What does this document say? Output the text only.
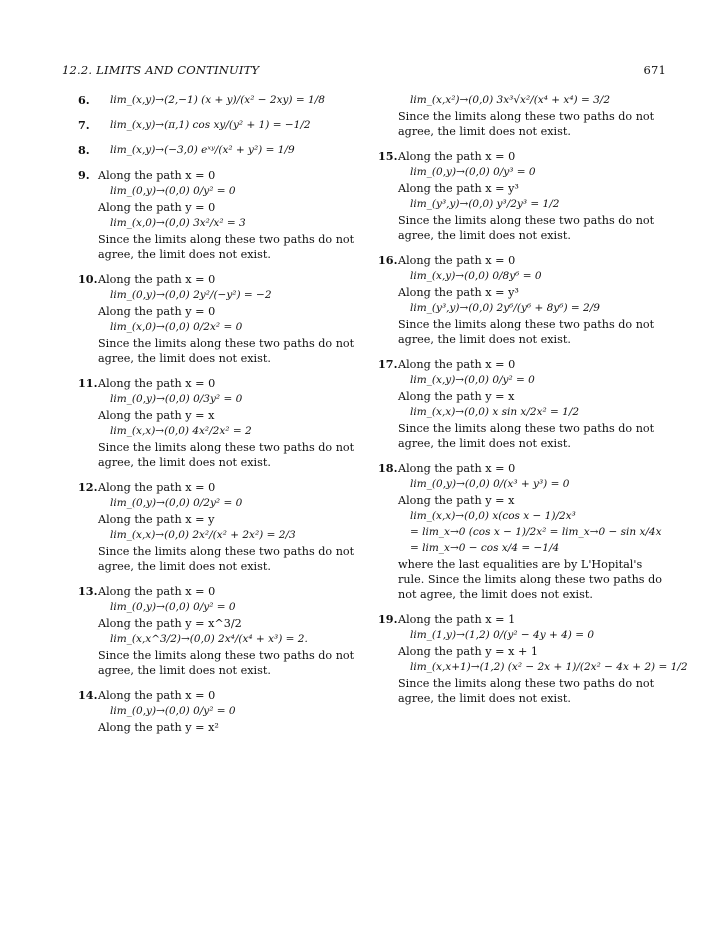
12.2. LIMITS AND CONTINUITY	671
6.	lim_(x,y)→(2,−1) (x + y)/(x² − 2xy) = 1/8
7.	lim_(x,y)→(π,1) cos xy/(y² + 1) = −1/2
8.	lim_(x,y)→(−3,0) eˣʸ/(x² + y²) = 1/9
9. Along the path x = 0
lim_(0,y)→(0,0) 0/y² = 0
Along the path y = 0
lim_(x,0)→(0,0) 3x²/x² = 3
Since the limits along these two paths do not agree, the limit does not exist.
10. Along the path x = 0
lim_(0,y)→(0,0) 2y²/(−y²) = −2
Along the path y = 0
lim_(x,0)→(0,0) 0/2x² = 0
Since the limits along these two paths do not agree, the limit does not exist.
11. Along the path x = 0
lim_(0,y)→(0,0) 0/3y² = 0
Along the path y = x
lim_(x,x)→(0,0) 4x²/2x² = 2
Since the limits along these two paths do not agree, the limit does not exist.
12. Along the path x = 0
lim_(0,y)→(0,0) 0/2y² = 0
Along the path x = y
lim_(x,x)→(0,0) 2x²/(x² + 2x²) = 2/3
Since the limits along these two paths do not agree, the limit does not exist.
13. Along the path x = 0
lim_(0,y)→(0,0) 0/y² = 0
Along the path y = x^3/2
lim_(x,x^3/2)→(0,0) 2x⁴/(x⁴ + x³) = 2.
Since the limits along these two paths do not agree, the limit does not exist.
14. Along the path x = 0
lim_(0,y)→(0,0) 0/y² = 0
Along the path y = x²
lim_(x,x²)→(0,0) 3x³√x²/(x⁴ + x⁴) = 3/2
Since the limits along these two paths do not agree, the limit does not exist.
15. Along the path x = 0
lim_(0,y)→(0,0) 0/y³ = 0
Along the path x = y³
lim_(y³,y)→(0,0) y³/2y³ = 1/2
Since the limits along these two paths do not agree, the limit does not exist.
16. Along the path x = 0
lim_(x,y)→(0,0) 0/8y⁶ = 0
Along the path x = y³
lim_(y³,y)→(0,0) 2y⁶/(y⁶ + 8y⁶) = 2/9
Since the limits along these two paths do not agree, the limit does not exist.
17. Along the path x = 0
lim_(x,y)→(0,0) 0/y² = 0
Along the path y = x
lim_(x,x)→(0,0) x sin x/2x² = 1/2
Since the limits along these two paths do not agree, the limit does not exist.
18. Along the path x = 0
lim_(0,y)→(0,0) 0/(x³ + y³) = 0
Along the path y = x
lim_(x,x)→(0,0) x(cos x − 1)/2x³
= lim_x→0 (cos x − 1)/2x² = lim_x→0 − sin x/4x
= lim_x→0 − cos x/4 = −1/4
where the last equalities are by L'Hopital's rule. Since the limits along these two paths do not agree, the limit does not exist.
19. Along the path x = 1
lim_(1,y)→(1,2) 0/(y² − 4y + 4) = 0
Along the path y = x + 1
lim_(x,x+1)→(1,2) (x² − 2x + 1)/(2x² − 4x + 2) = 1/2
Since the limits along these two paths do not agree, the limit does not exist.
